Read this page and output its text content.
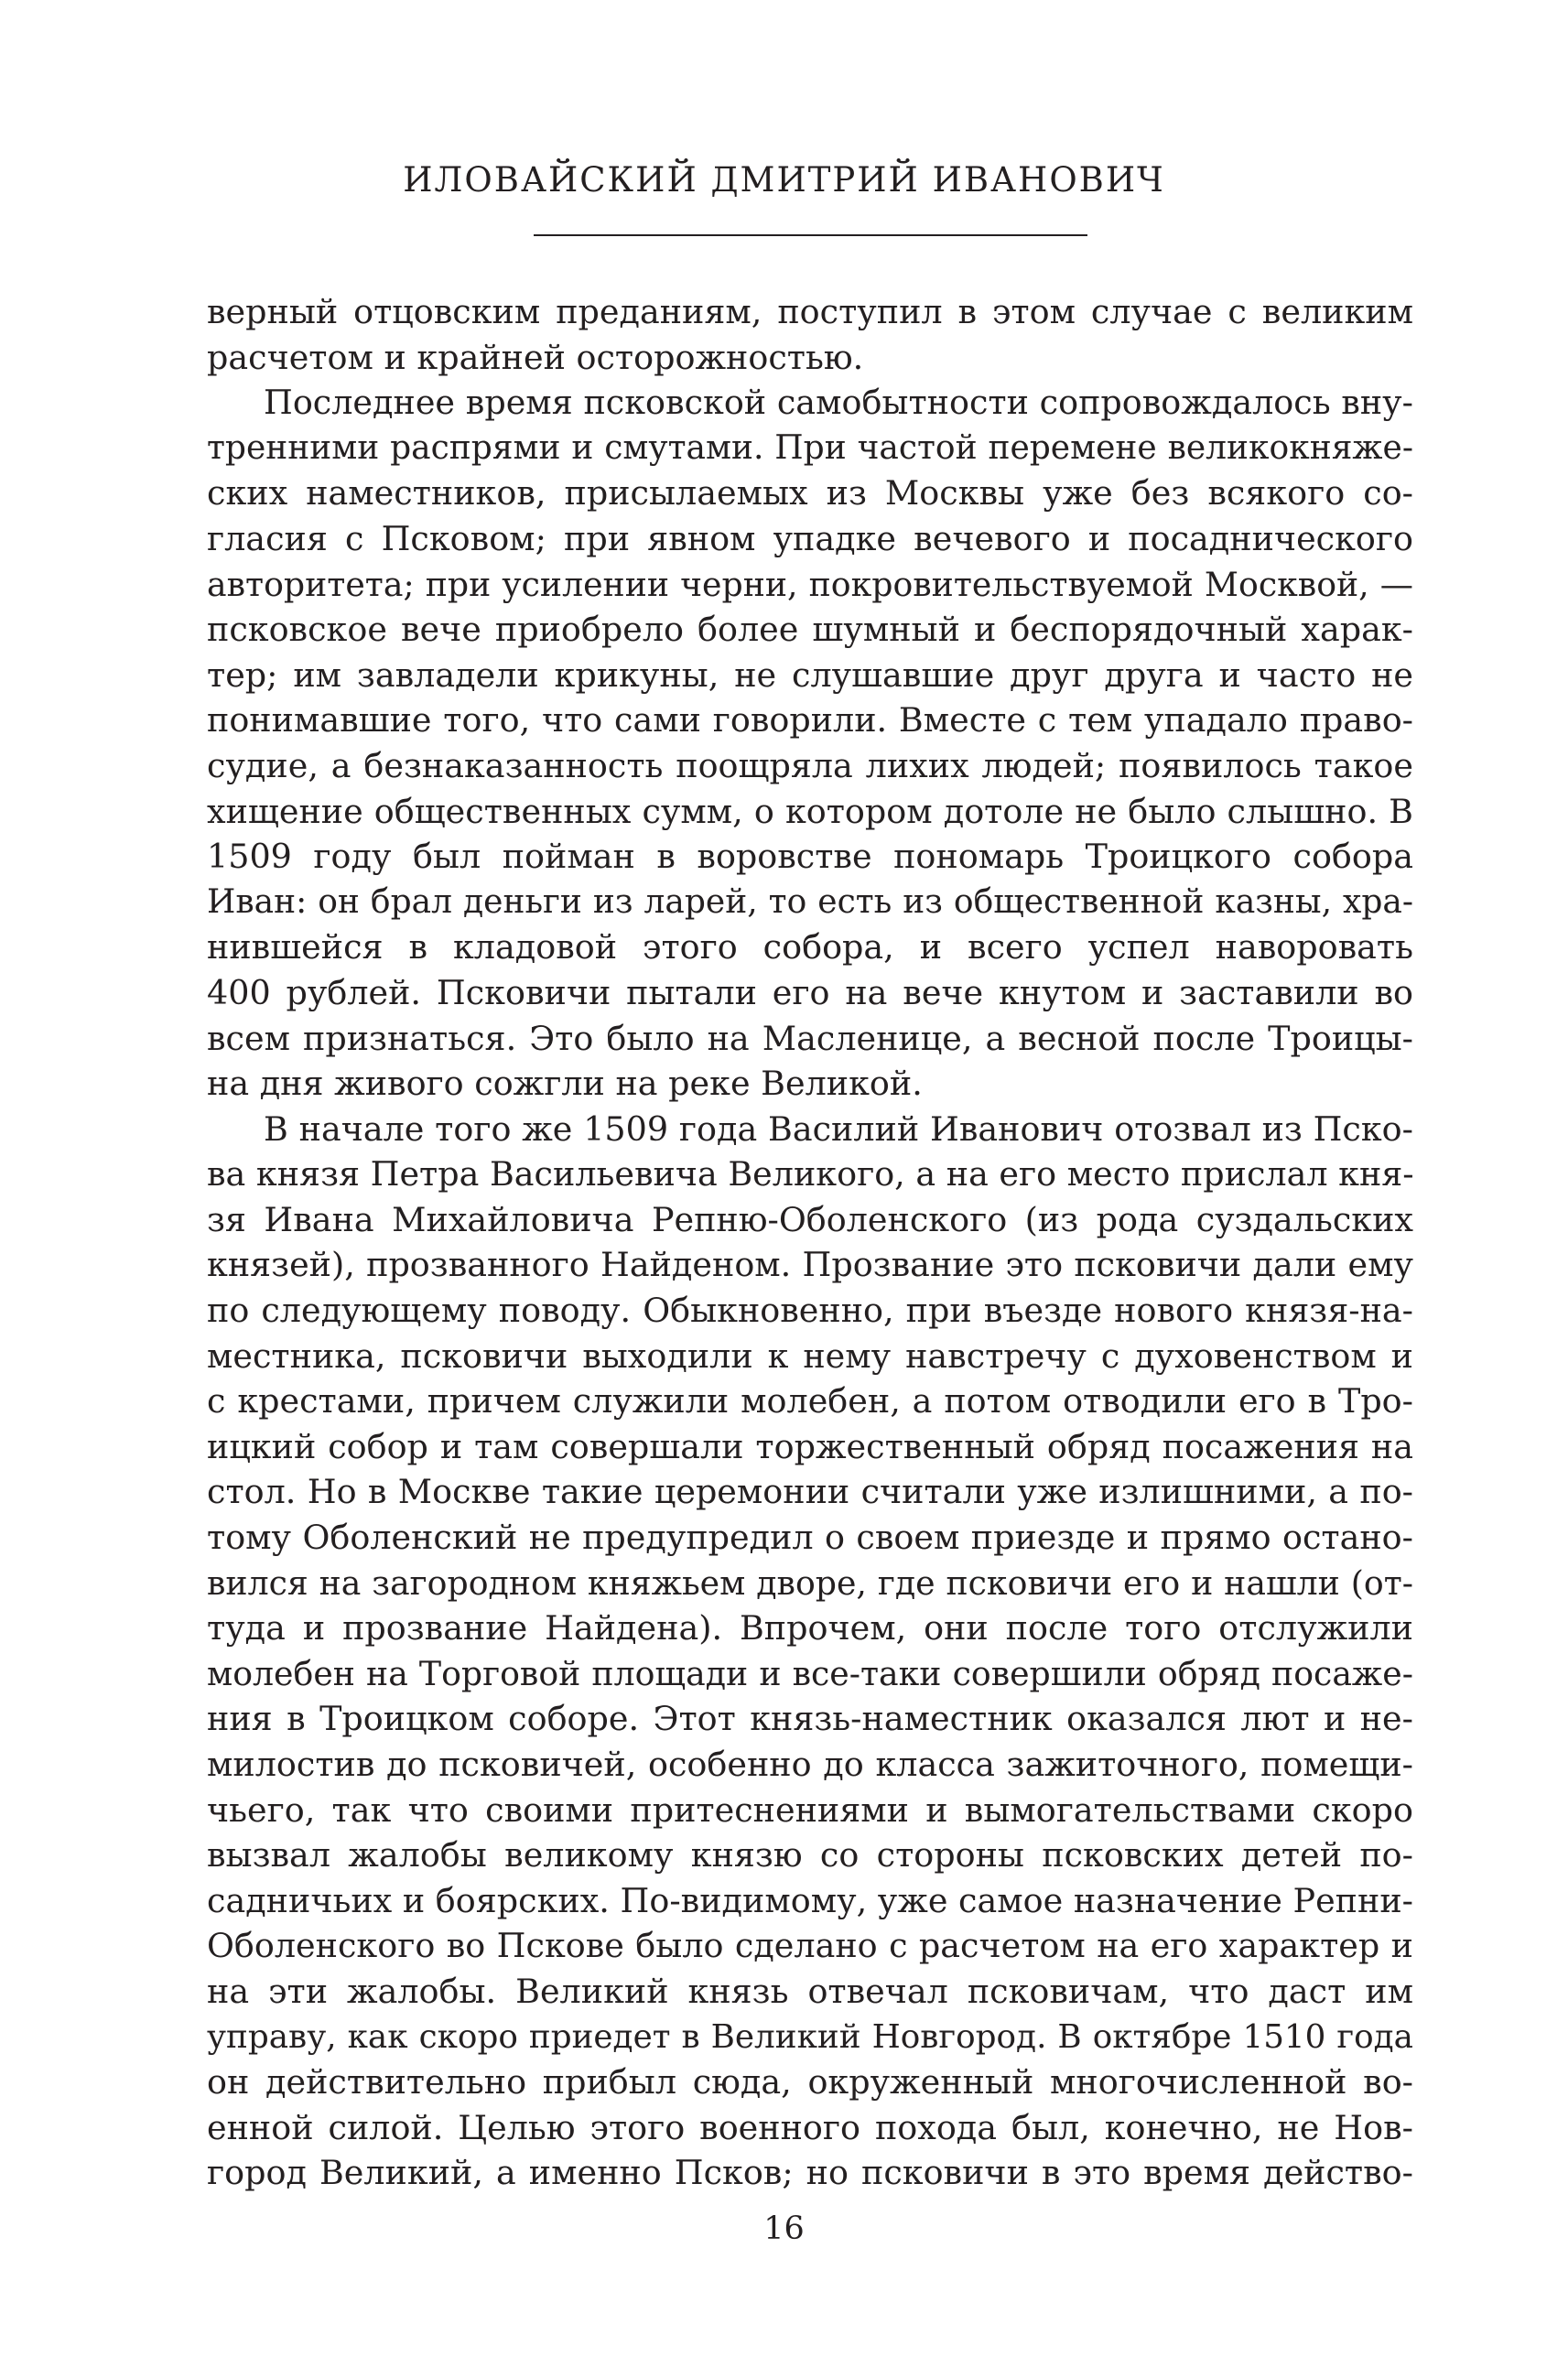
ИЛОВАЙСКИЙ ДМИТРИЙ ИВАНОВИЧ
верный отцовским преданиям, поступил в этом случае с великим
расчетом и крайней осторожностью.
Последнее время псковской самобытности сопровождалось вну-
тренними распрями и смутами. При частой перемене великокняже-
ских наместников, присылаемых из Москвы уже без всякого со-
гласия с Псковом; при явном упадке вечевого и посаднического
авторитета; при усилении черни, покровительствуемой Москвой, —
псковское вече приобрело более шумный и беспорядочный харак-
тер; им завладели крикуны, не слушавшие друг друга и часто не
понимавшие того, что сами говорили. Вместе с тем упадало право-
судие, а безнаказанность поощряла лихих людей; появилось такое
хищение общественных сумм, о котором дотоле не было слышно. В
1509 году был пойман в воровстве пономарь Троицкого собора
Иван: он брал деньги из ларей, то есть из общественной казны, хра-
нившейся в кладовой этого собора, и всего успел наворовать
400 рублей. Псковичи пытали его на вече кнутом и заставили во
всем признаться. Это было на Масленице, а весной после Троицы-
на дня живого сожгли на реке Великой.
В начале того же 1509 года Василий Иванович отозвал из Пско-
ва князя Петра Васильевича Великого, а на его место прислал кня-
зя Ивана Михайловича Репню-Оболенского (из рода суздальских
князей), прозванного Найденом. Прозвание это псковичи дали ему
по следующему поводу. Обыкновенно, при въезде нового князя-на-
местника, псковичи выходили к нему навстречу с духовенством и
с крестами, причем служили молебен, а потом отводили его в Тро-
ицкий собор и там совершали торжественный обряд посажения на
стол. Но в Москве такие церемонии считали уже излишними, а по-
тому Оболенский не предупредил о своем приезде и прямо остано-
вился на загородном княжьем дворе, где псковичи его и нашли (от-
туда и прозвание Найдена). Впрочем, они после того отслужили
молебен на Торговой площади и все-таки совершили обряд посаже-
ния в Троицком соборе. Этот князь-наместник оказался лют и не-
милостив до псковичей, особенно до класса зажиточного, помещи-
чьего, так что своими притеснениями и вымогательствами скоро
вызвал жалобы великому князю со стороны псковских детей по-
садничьих и боярских. По-видимому, уже самое назначение Репни-
Оболенского во Пскове было сделано с расчетом на его характер и
на эти жалобы. Великий князь отвечал псковичам, что даст им
управу, как скоро приедет в Великий Новгород. В октябре 1510 года
он действительно прибыл сюда, окруженный многочисленной во-
енной силой. Целью этого военного похода был, конечно, не Нов-
город Великий, а именно Псков; но псковичи в это время действо-
16
